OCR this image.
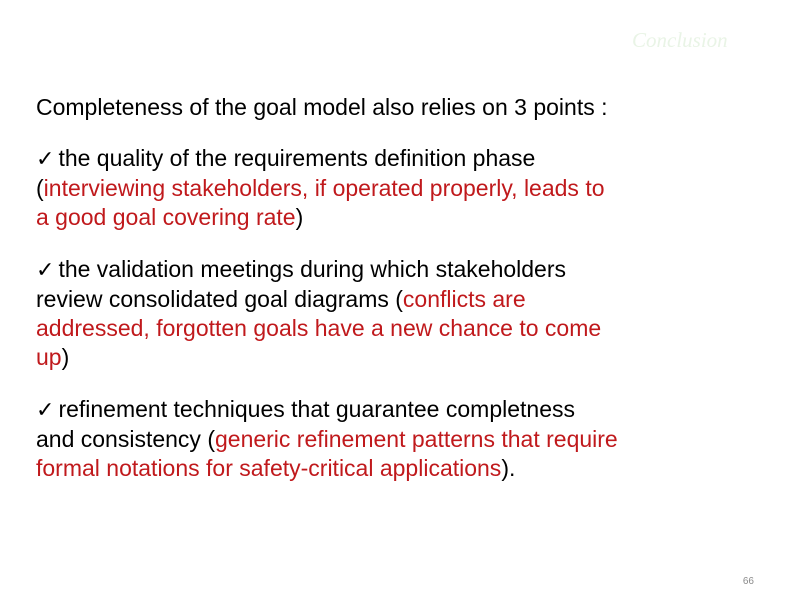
Conclusion

Completeness of the goal model also relies on 3 points :

✓ the quality of the requirements definition phase
(interviewing stakeholders, if operated properly, leads to
a good goal covering rate)
✓ the validation meetings during which stakeholders
review consolidated goal diagrams (conflicts are
addressed, forgotten goals have a new chance to come
up)
✓ refinement techniques that guarantee completness
and consistency (generic refinement patterns that require
formal notations for safety-critical applications).
66
